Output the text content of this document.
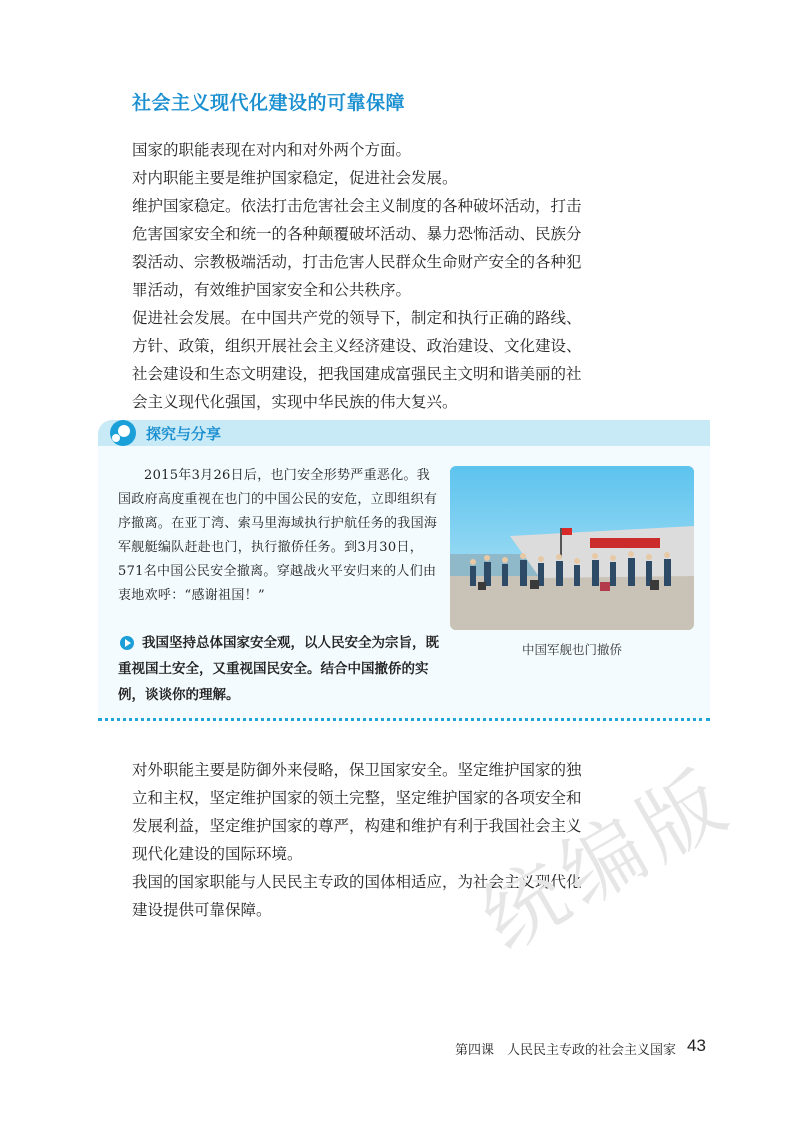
社会主义现代化建设的可靠保障

国家的职能表现在对内和对外两个方面。

对内职能主要是维护国家稳定，促进社会发展。

维护国家稳定。依法打击危害社会主义制度的各种破坏活动，打击危害国家安全和统一的各种颠覆破坏活动、暴力恐怖活动、民族分裂活动、宗教极端活动，打击危害人民群众生命财产安全的各种犯罪活动，有效维护国家安全和公共秩序。

促进社会发展。在中国共产党的领导下，制定和执行正确的路线、方针、政策，组织开展社会主义经济建设、政治建设、文化建设、社会建设和生态文明建设，把我国建成富强民主文明和谐美丽的社会主义现代化强国，实现中华民族的伟大复兴。

探究与分享
2015年3月26日后，也门安全形势严重恶化。我国政府高度重视在也门的中国公民的安危，立即组织有序撤离。在亚丁湾、索马里海域执行护航任务的我国海军舰艇编队赶赴也门，执行撤侨任务。到3月30日，571名中国公民安全撤离。穿越战火平安归来的人们由衷地欢呼：“感谢祖国！”
我国坚持总体国家安全观，以人民安全为宗旨，既重视国土安全，又重视国民安全。结合中国撤侨的实例，谈谈你的理解。
中国军舰也门撤侨

对外职能主要是防御外来侵略，保卫国家安全。坚定维护国家的独立和主权，坚定维护国家的领土完整，坚定维护国家的各项安全和发展利益，坚定维护国家的尊严，构建和维护有利于我国社会主义现代化建设的国际环境。

我国的国家职能与人民民主专政的国体相适应，为社会主义现代化建设提供可靠保障。	统编版
第四课　人民民主专政的社会主义国家 43
